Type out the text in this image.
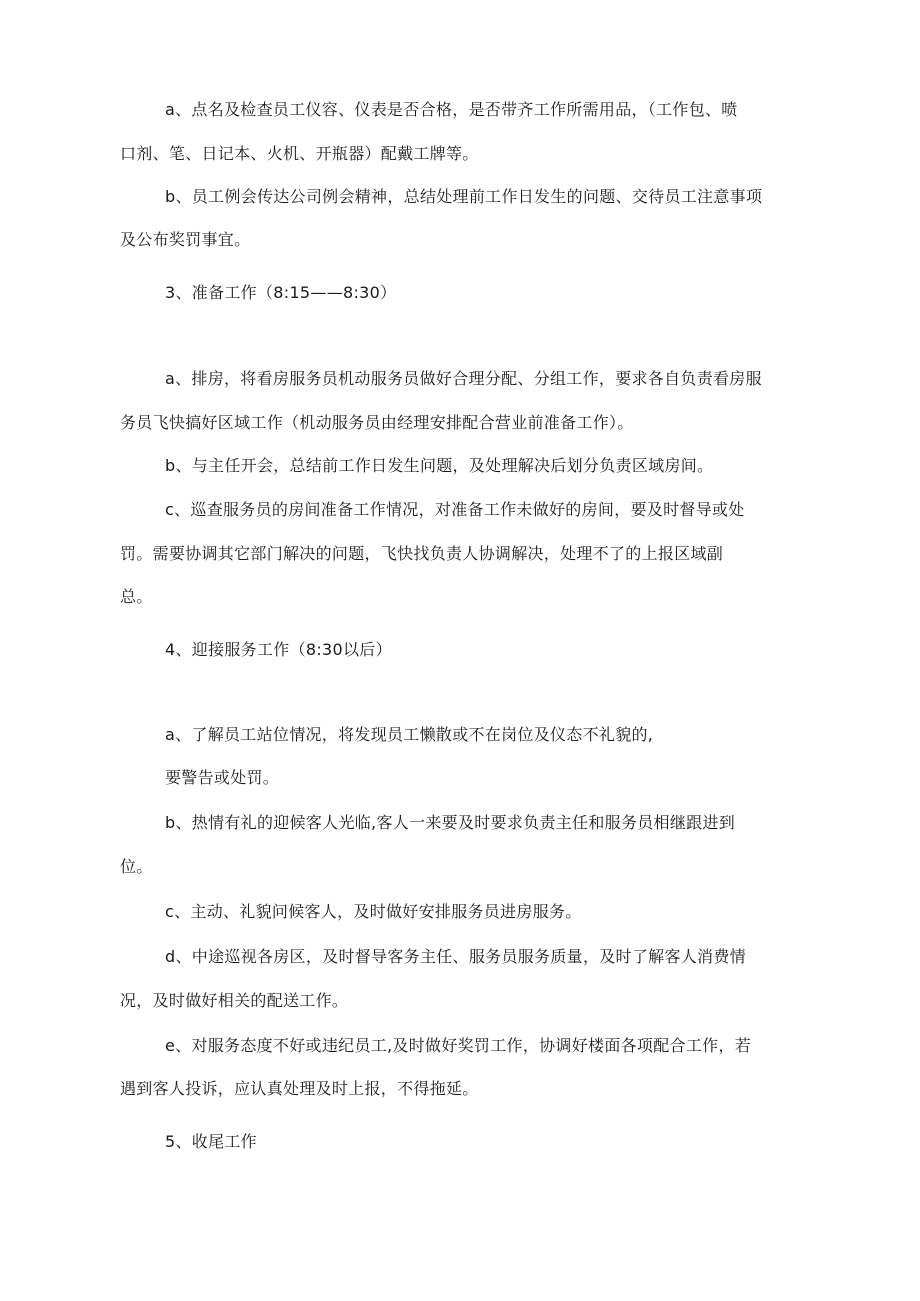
a、点名及检查员工仪容、仪表是否合格，是否带齐工作所需用品，（工作包、喷
口剂、笔、日记本、火机、开瓶器）配戴工牌等。
b、员工例会传达公司例会精神，总结处理前工作日发生的问题、交待员工注意事项
及公布奖罚事宜。
3、准备工作（8:15——8:30）
a、排房，将看房服务员机动服务员做好合理分配、分组工作，要求各自负责看房服
务员飞快搞好区域工作（机动服务员由经理安排配合营业前准备工作）。
b、与主任开会，总结前工作日发生问题，及处理解决后划分负责区域房间。
c、巡查服务员的房间准备工作情况，对准备工作未做好的房间，要及时督导或处
罚。需要协调其它部门解决的问题，飞快找负责人协调解决，处理不了的上报区域副
总。
4、迎接服务工作（8:30以后）
a、了解员工站位情况，将发现员工懒散或不在岗位及仪态不礼貌的,
要警告或处罚。
b、热情有礼的迎候客人光临,客人一来要及时要求负责主任和服务员相继跟进到
位。
c、主动、礼貌问候客人，及时做好安排服务员进房服务。
d、中途巡视各房区，及时督导客务主任、服务员服务质量，及时了解客人消费情
况，及时做好相关的配送工作。
e、对服务态度不好或违纪员工,及时做好奖罚工作，协调好楼面各项配合工作，若
遇到客人投诉，应认真处理及时上报，不得拖延。
5、收尾工作
